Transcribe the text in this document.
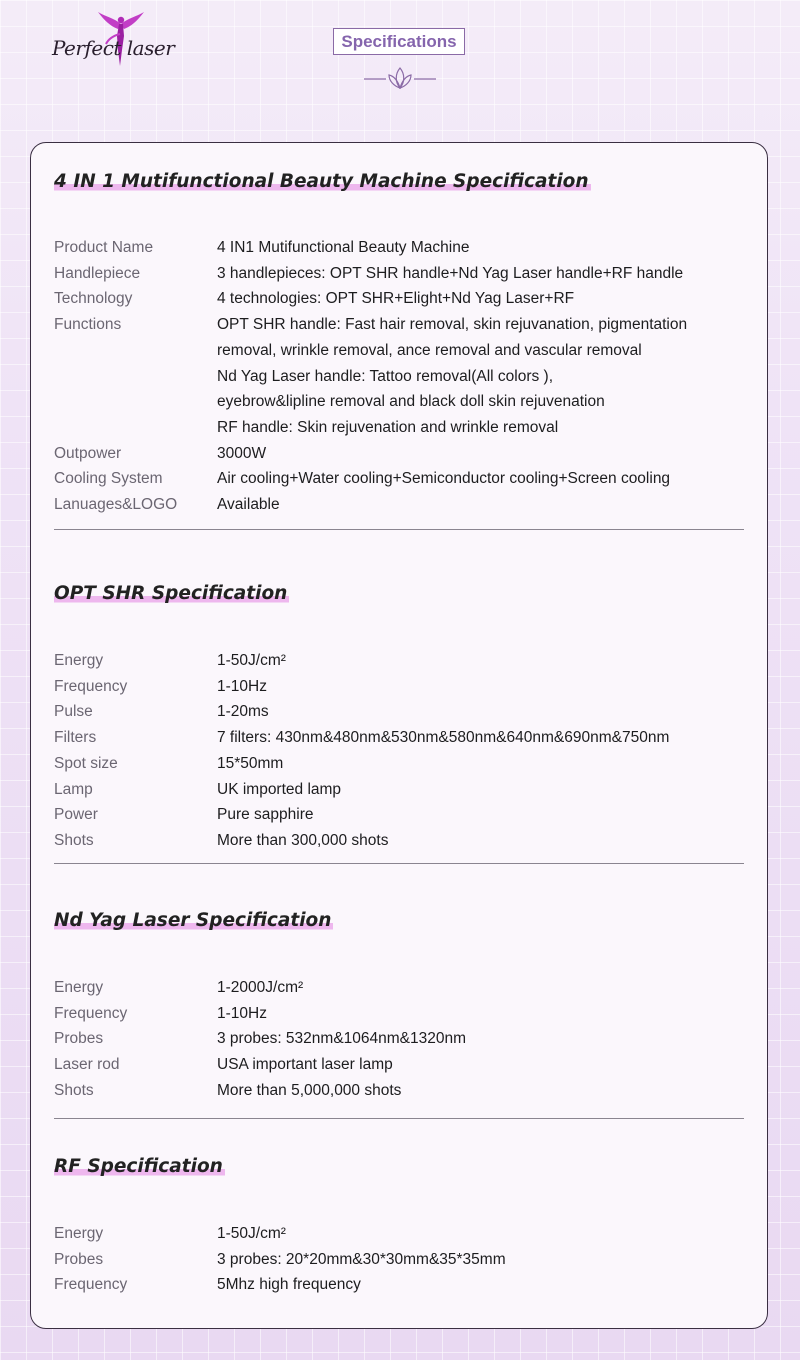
Perfect laser	Specifications
4 IN 1 Mutifunctional Beauty Machine Specification
Product Name	4 IN1 Mutifunctional Beauty Machine
Handlepiece	3 handlepieces: OPT SHR handle+Nd Yag Laser handle+RF handle
Technology	4 technologies: OPT SHR+Elight+Nd Yag Laser+RF
Functions	OPT SHR handle: Fast hair removal, skin rejuvanation, pigmentation
removal, wrinkle removal, ance removal and vascular removal
Nd Yag Laser handle: Tattoo removal(All colors ),
eyebrow&lipline removal and black doll skin rejuvenation
RF handle: Skin rejuvenation and wrinkle removal
Outpower	3000W
Cooling System	Air cooling+Water cooling+Semiconductor cooling+Screen cooling
Lanuages&LOGO	Available
OPT SHR Specification
Energy	1-50J/cm²
Frequency	1-10Hz
Pulse	1-20ms
Filters	7 filters: 430nm&480nm&530nm&580nm&640nm&690nm&750nm
Spot size	15*50mm
Lamp	UK imported lamp
Power	Pure sapphire
Shots	More than 300,000 shots
Nd Yag Laser Specification
Energy	1-2000J/cm²
Frequency	1-10Hz
Probes	3 probes: 532nm&1064nm&1320nm
Laser rod	USA important laser lamp
Shots	More than 5,000,000 shots
RF Specification
Energy	1-50J/cm²
Probes	3 probes: 20*20mm&30*30mm&35*35mm
Frequency	5Mhz high frequency
